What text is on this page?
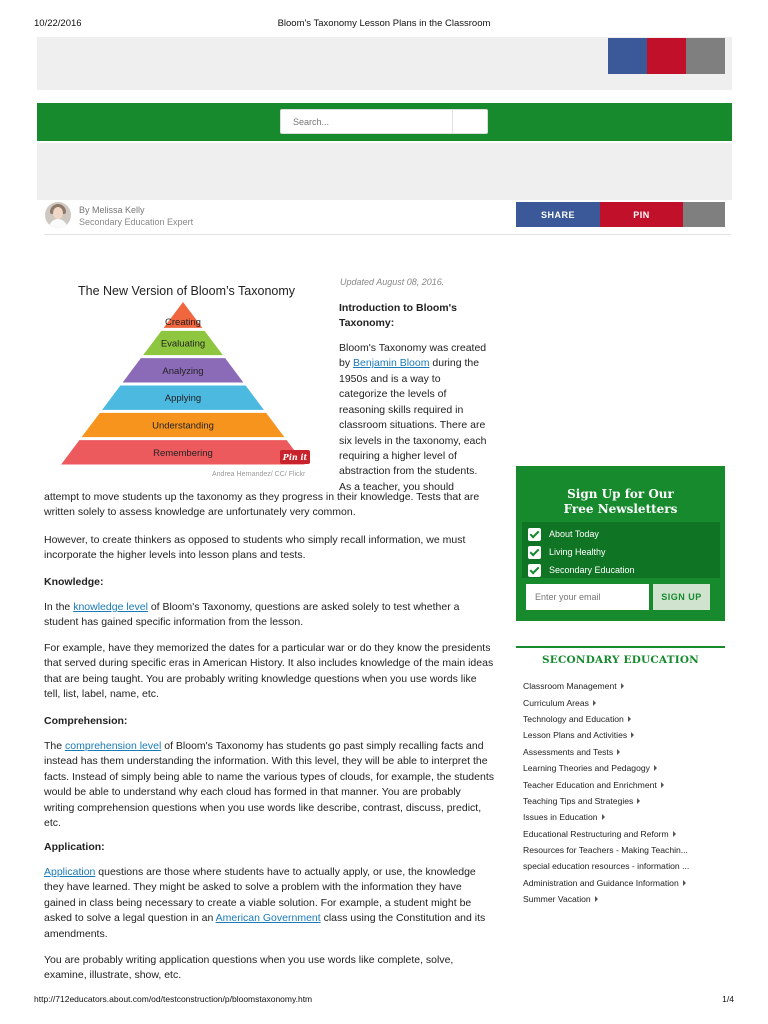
10/22/2016	Bloom's Taxonomy Lesson Plans in the Classroom
Search...
By Melissa Kelly
Secondary Education Expert
SHARE	PIN
Creating
Evaluating
Analyzing
Applying
Understanding
Remembering
The New Version of Bloom’s Taxonomy
Pin it
Andrea Hernandez/ CC/ Flickr
Updated August 08, 2016.
Introduction to Bloom's Taxonomy:
Bloom's Taxonomy was created by Benjamin Bloom during the 1950s and is a way to categorize the levels of reasoning skills required in classroom situations. There are six levels in the taxonomy, each requiring a higher level of abstraction from the students. As a teacher, you should
attempt to move students up the taxonomy as they progress in their knowledge. Tests that are written solely to assess knowledge are unfortunately very common.
However, to create thinkers as opposed to students who simply recall information, we must incorporate the higher levels into lesson plans and tests.
Knowledge:
In the knowledge level of Bloom's Taxonomy, questions are asked solely to test whether a student has gained specific information from the lesson.
For example, have they memorized the dates for a particular war or do they know the presidents that served during specific eras in American History. It also includes knowledge of the main ideas that are being taught. You are probably writing knowledge questions when you use words like tell, list, label, name, etc.
Comprehension:
The comprehension level of Bloom's Taxonomy has students go past simply recalling facts and instead has them understanding the information. With this level, they will be able to interpret the facts. Instead of simply being able to name the various types of clouds, for example, the students would be able to understand why each cloud has formed in that manner. You are probably writing comprehension questions when you use words like describe, contrast, discuss, predict, etc.
Application:
Application questions are those where students have to actually apply, or use, the knowledge they have learned. They might be asked to solve a problem with the information they have gained in class being necessary to create a viable solution. For example, a student might be asked to solve a legal question in an American Government class using the Constitution and its amendments.
You are probably writing application questions when you use words like complete, solve, examine, illustrate, show, etc.
Sign Up for Our
Free Newsletters
About Today
Living Healthy
Secondary Education
Enter your email
SIGN UP
SECONDARY EDUCATION
Classroom Management
Curriculum Areas
Technology and Education
Lesson Plans and Activities
Assessments and Tests
Learning Theories and Pedagogy
Teacher Education and Enrichment
Teaching Tips and Strategies
Issues in Education
Educational Restructuring and Reform
Resources for Teachers - Making Teachin...
special education resources - information ...
Administration and Guidance Information
Summer Vacation
http://712educators.about.com/od/testconstruction/p/bloomstaxonomy.htm	1/4
